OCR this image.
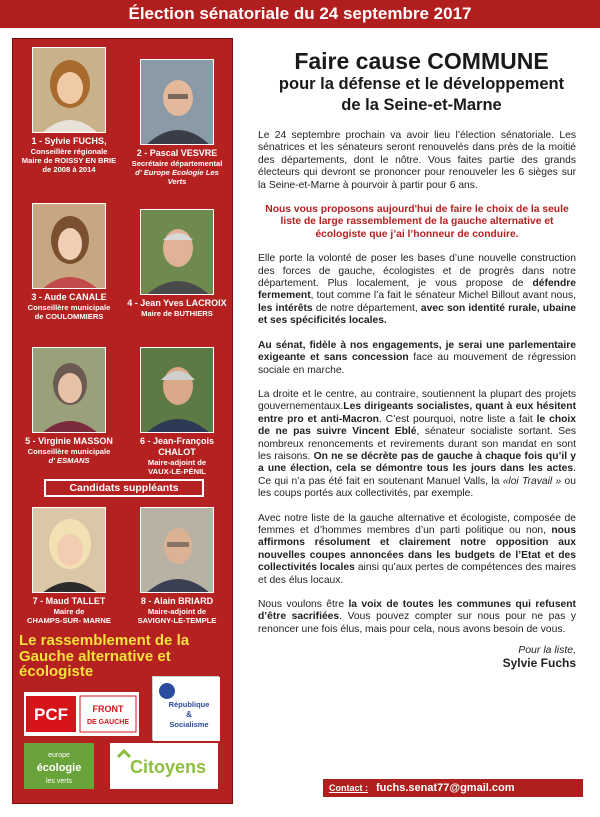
Élection sénatoriale du 24 septembre 2017
1 - Sylvie FUCHS,
Conseillère régionale
Maire de ROISSY EN BRIE
de 2008 à 2014
2 - Pascal VESVRE
Secrétaire départemental
d' Europe Ecologie Les Verts
3 - Aude CANALE
Conseillère municipale
de COULOMMIERS
4 - Jean Yves LACROIX
Maire de BUTHIERS
5 - Virginie MASSON
Conseillère municipale
d' ESMANS
6 - Jean-François CHALOT
Maire-adjoint de
VAUX-LE-PÉNIL
Candidats suppléants
7 - Maud TALLET
Maire de
CHAMPS-SUR- MARNE
8 - Alain BRIARD
Maire-adjoint de
SAVIGNY-LE-TEMPLE
Le rassemblement de la Gauche alternative et écologiste
PCF	FRONT
DE GAUCHE
République
&
Socialisme
europe
écologie
les verts
Citoyens
Faire cause COMMUNE
pour la défense et le développement
de la Seine-et-Marne

Le 24 septembre prochain va avoir lieu l’élection sénatoriale. Les sénatrices et les sénateurs seront renouvelés dans près de la moitié des départements, dont le nôtre. Vous faites partie des grands électeurs qui devront se prononcer pour renouveler les 6 sièges sur la Seine-et-Marne à pourvoir à partir pour 6 ans.

Nous vous proposons aujourd'hui de faire le choix de la seule liste de large rassemblement de la gauche alternative et écologiste que j’ai l’honneur de conduire.

Elle porte la volonté de poser les bases d’une nouvelle construction des forces de gauche, écologistes et de progrès dans notre département. Plus localement, je vous propose de défendre fermement, tout comme l’a fait le sénateur Michel Billout avant nous, les intérêts de notre département, avec son identité rurale, ubaine et ses spécificités locales.

Au sénat, fidèle à nos engagements, je serai une parlementaire exigeante et sans concession face au mouvement de régression sociale en marche.

La droite et le centre, au contraire, soutiennent la plupart des projets gouvernementaux.Les dirigeants socialistes, quant à eux hésitent entre pro et anti-Macron. C’est pourquoi, notre liste a fait le choix de ne pas suivre Vincent Eblé, sénateur socialiste sortant. Ses nombreux renoncements et revirements durant son mandat en sont les raisons. On ne se décrète pas de gauche à chaque fois qu’il y a une élection, cela se démontre tous les jours dans les actes. Ce qui n’a pas été fait en soutenant Manuel Valls, la «loi Travail » ou les coups portés aux collectivités, par exemple.

Avec notre liste de la gauche alternative et écologiste, composée de femmes et d’hommes membres d’un parti politique ou non, nous affirmons résolument et clairement notre opposition aux nouvelles coupes annoncées dans les budgets de l’Etat et des collectivités locales ainsi qu’aux pertes de compétences des maires et des élus locaux.

Nous voulons être la voix de toutes les communes qui refusent d’être sacrifiées. Vous pouvez compter sur nous pour ne pas y renoncer une fois élus, mais pour cela, nous avons besoin de vous.

Pour la liste,
Sylvie Fuchs
Contact : fuchs.senat77@gmail.com
